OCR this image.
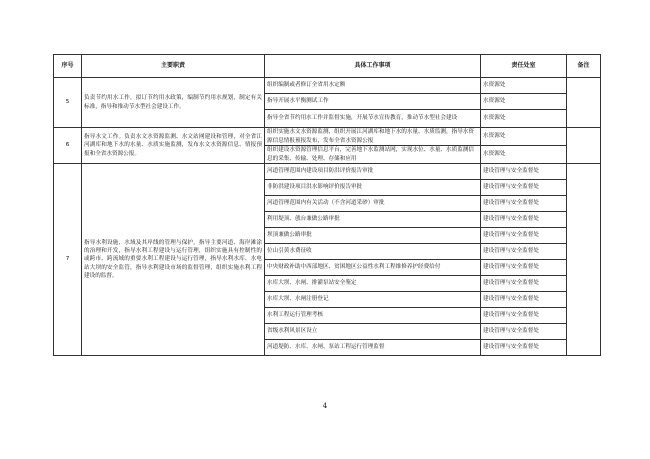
序号	主要职责	具体工作事项	责任处室	备注
5	负责节约用水工作，拟订节约用水政策，编制节约用水规划，制定有关标准，指导和推动节水型社会建设工作。	组织编制或者修订全省用水定额	水资源处	
		指导开展水平衡测试工作	水资源处	
		指导全省节约用水工作并监督实施，开展节水宣传教育，推动节水型社会建设	水资源处	
6	指导水文工作。负责水文水资源监测、水文站网建设和管理，对全省江河湖库和地下水的水量、水质实施监测，发布水文水资源信息、情报预报和全省水资源公报。	组织实施水文水资源监测，组织开展江河湖库和地下水的水量、水质监测，指导水资源信息情报预报发布，发布全省水资源公报	水资源处	
		组织建设水资源管理信息平台，完善地下水监测站网，实现水位、水量、水质监测信息的采集、传输、处理、存储和应用	水资源处	
7	指导水利设施、水域及其岸线的管理与保护，指导主要河道、海岸滩涂的治理和开发，指导水利工程建设与运行管理，组织实施具有控制性的或跨市、跨流域的重要水利工程建设与运行管理，指导水利水库、水电站大坝的安全监管，指导水利建设市场的监督管理，组织实施水利工程建设的监督。	河道管理范围内建设项目防洪评价报告审批	建设管理与安全监督处	
		非防洪建设项目洪水影响评价报告审批	建设管理与安全监督处	
		河道管理范围内有关活动（不含河道采砂）审批	建设管理与安全监督处	
		利用堤顶、戗台兼做公路审批	建设管理与安全监督处	
		坝顶兼做公路审批	建设管理与安全监督处	
		位山引黄水费征收	建设管理与安全监督处	
		中央财政补助中西部地区、贫困地区公益性水利工程维修养护经费给付	建设管理与安全监督处	
		水库大坝、水闸、排灌泵站安全鉴定	建设管理与安全监督处	
		水库大坝、水闸注册登记	建设管理与安全监督处	
		水利工程运行管理考核	建设管理与安全监督处	
		省级水利风景区设立	建设管理与安全监督处	
		河道堤防、水库、水闸、泵站工程运行管理监督	建设管理与安全监督处	
4
